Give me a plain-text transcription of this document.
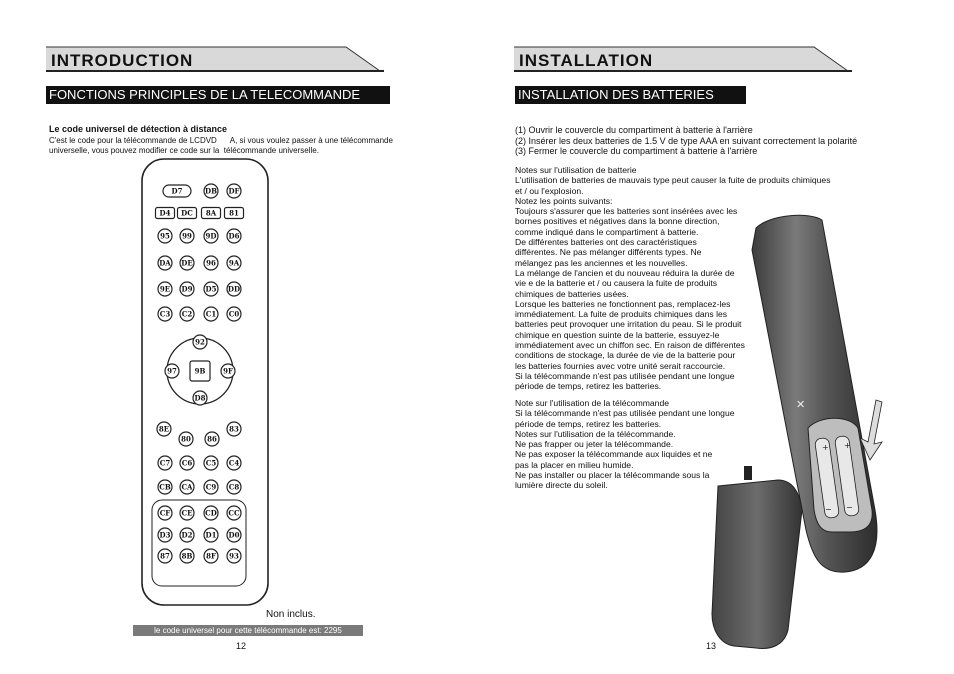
INTRODUCTION
FONCTIONS PRINCIPLES DE LA TELECOMMANDE
Le code universel de détection à distance
C'est le code pour la télécommande de LCDVD      A, si vous voulez passer à une télécommande
universelle, vous pouvez modifier ce code sur la  télécommande universelle.
D7	DB DF
D4 DC 8A 81
95 99 9D D6
DA DE 96 9A
9E D9 D5 DD
C3 C2 C1 C0
92
97	9B	9F
D8
8E	83
80 86
C7 C6 C5 C4
CB CA C9 C8
CF CE CD CC
D3 D2 D1 D0
87 8B 8F 93
Non inclus.
le code universel pour cette télécommande est: 2295
12
INSTALLATION
INSTALLATION DES BATTERIES
(1) Ouvrir le couvercle du compartiment à batterie à l'arrière
(2) Insérer les deux batteries de 1.5 V de type AAA en suivant correctement la polarité
(3) Fermer le couvercle du compartiment à batterie à l'arrière
Notes sur l'utilisation de batterie
L'utilisation de batteries de mauvais type peut causer la fuite de produits chimiques
et / ou l'explosion.
Notez les points suivants:
Toujours s'assurer que les batteries sont insérées avec les
bornes positives et négatives dans la bonne direction,
comme indiqué dans le compartiment à batterie.
De différentes batteries ont des caractéristiques
différentes. Ne pas mélanger différents types. Ne
mélangez pas les anciennes et les nouvelles.
La mélange de l'ancien et du nouveau réduira la durée de
vie e de la batterie et / ou causera la fuite de produits
chimiques de batteries usées.
Lorsque les batteries ne fonctionnent pas, remplacez-les
immédiatement. La fuite de produits chimiques dans les
batteries peut provoquer une irritation du peau. Si le produit
chimique en question suinte de la batterie, essuyez-le
immédiatement avec un chiffon sec. En raison de différentes
conditions de stockage, la durée de vie de la batterie pour
les batteries fournies avec votre unité serait raccourcie.
Si la télécommande n'est pas utilisée pendant une longue
période de temps, retirez les batteries.
Note sur l'utilisation de la télécommande
Si la télécommande n'est pas utilisée pendant une longue
période de temps, retirez les batteries.
Notes sur l'utilisation de la télécommande.
Ne pas frapper ou jeter la télécommande.
Ne pas exposer la télécommande aux liquides et ne
pas la placer en milieu humide.
Ne pas installer ou placer la télécommande sous la
lumière directe du soleil.
✕
+ +
− −
13
